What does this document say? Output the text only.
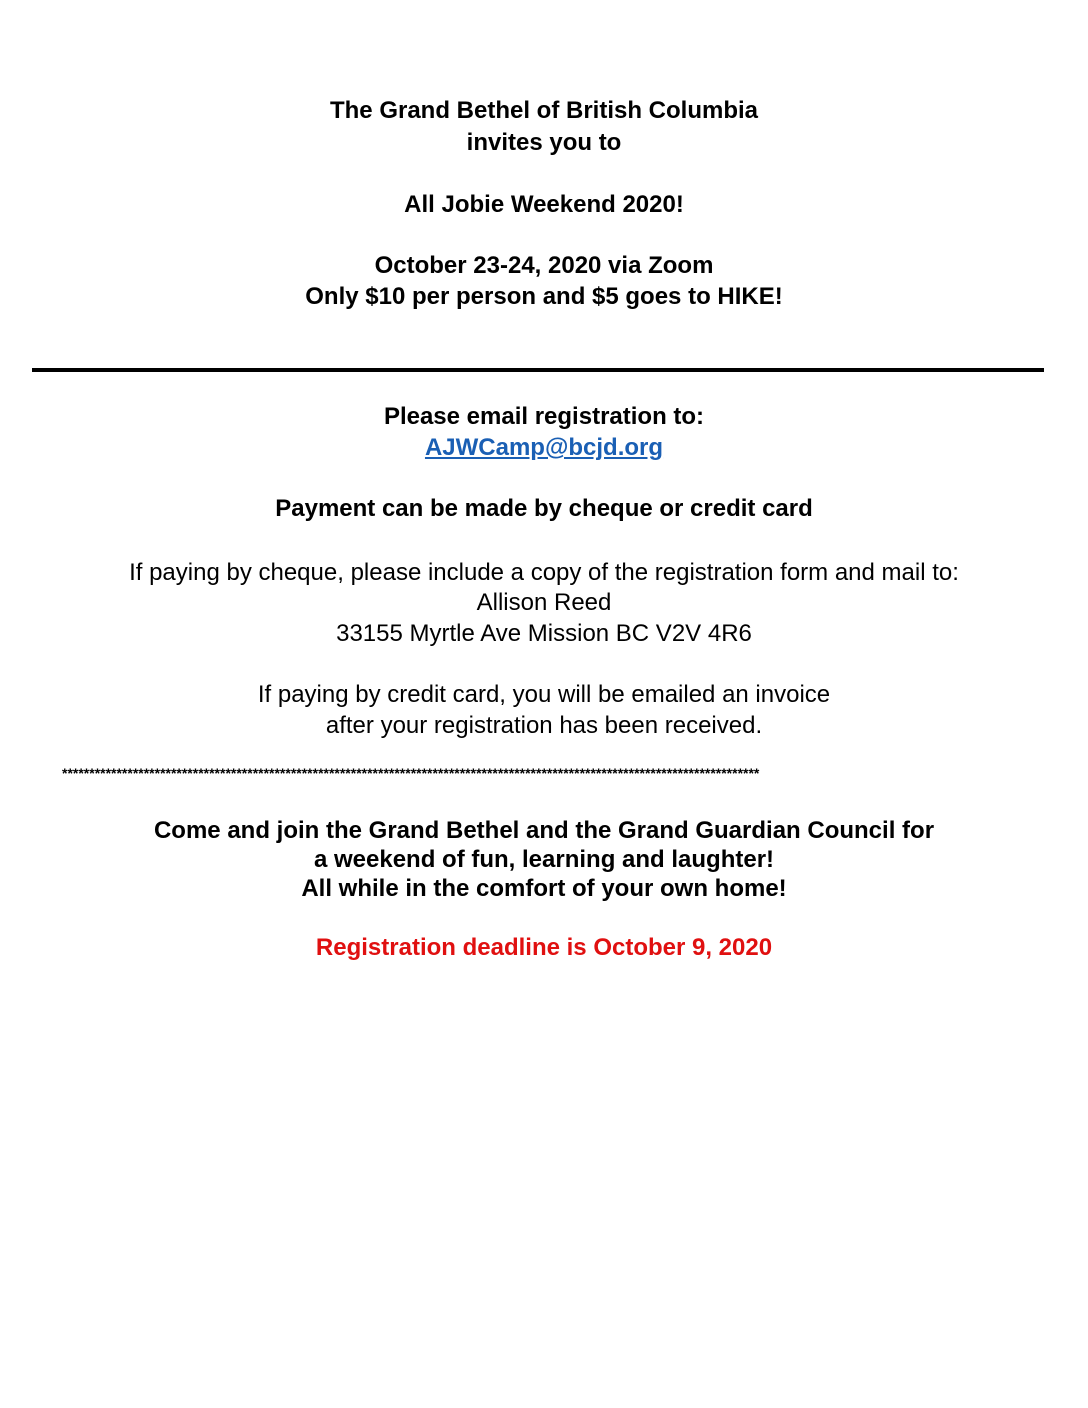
The Grand Bethel of British Columbia
invites you to
All Jobie Weekend 2020!
October 23-24, 2020 via Zoom
Only $10 per person and $5 goes to HIKE!
Please email registration to:
AJWCamp@bcjd.org
Payment can be made by cheque or credit card
If paying by cheque, please include a copy of the registration form and mail to:
Allison Reed
33155 Myrtle Ave Mission BC V2V 4R6
If paying by credit card, you will be emailed an invoice
after your registration has been received.
********************************************************************************************************************************
Come and join the Grand Bethel and the Grand Guardian Council for
a weekend of fun, learning and laughter!
All while in the comfort of your own home!
Registration deadline is October 9, 2020
